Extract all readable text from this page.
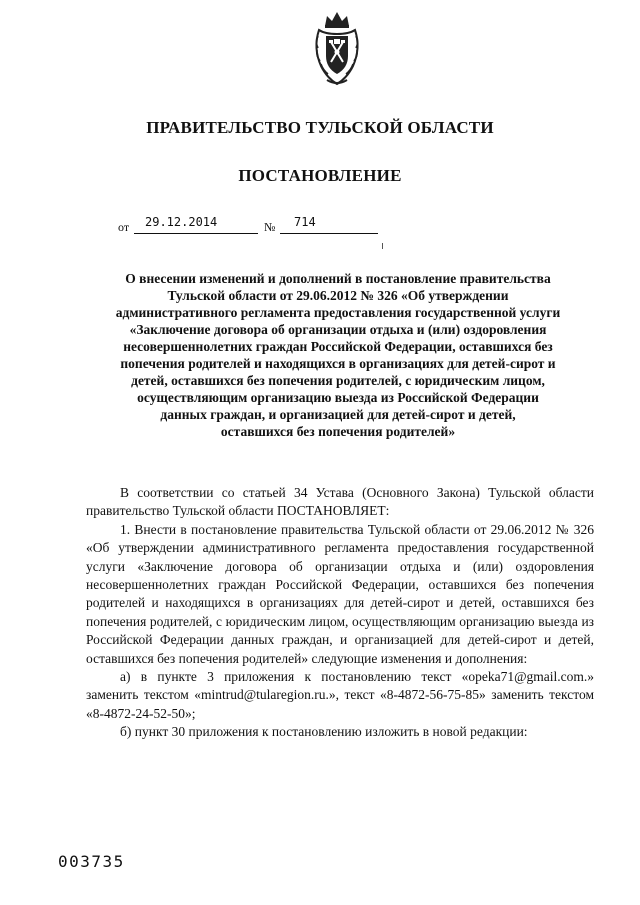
ПРАВИТЕЛЬСТВО ТУЛЬСКОЙ ОБЛАСТИ
ПОСТАНОВЛЕНИЕ
от 29.12.2014	№ 714
О внесении изменений и дополнений в постановление правительства
Тульской области от 29.06.2012 № 326 «Об утверждении
административного регламента предоставления государственной услуги
«Заключение договора об организации отдыха и (или) оздоровления
несовершеннолетних граждан Российской Федерации, оставшихся без
попечения родителей и находящихся в организациях для детей-сирот и
детей, оставшихся без попечения родителей, с юридическим лицом,
осуществляющим организацию выезда из Российской Федерации
данных граждан, и организацией для детей-сирот и детей,
оставшихся без попечения родителей»

В соответствии со статьей 34 Устава (Основного Закона) Тульской области правительство Тульской области ПОСТАНОВЛЯЕТ:

1. Внести в постановление правительства Тульской области от 29.06.2012 № 326 «Об утверждении административного регламента предоставления государственной услуги «Заключение договора об организации отдыха и (или) оздоровления несовершеннолетних граждан Российской Федерации, оставшихся без попечения родителей и находящихся в организациях для детей-сирот и детей, оставшихся без попечения родителей, с юридическим лицом, осуществляющим организацию выезда из Российской Федерации данных граждан, и организацией для детей-сирот и детей, оставшихся без попечения родителей» следующие изменения и дополнения:

а) в пункте 3 приложения к постановлению текст «opeka71@gmail.com.» заменить текстом «mintrud@tularegion.ru.», текст «8-4872-56-75-85» заменить текстом «8-4872-24-52-50»;

б) пункт 30 приложения к постановлению изложить в новой редакции:

003735
